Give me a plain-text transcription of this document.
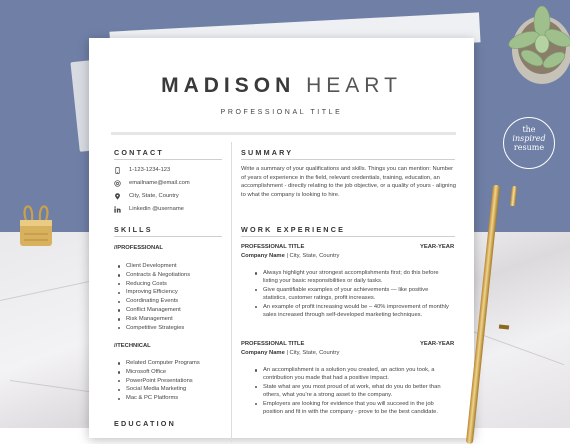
the
inspired
resume
MADISON HEART
PROFESSIONAL TITLE
CONTACT
1-123-1234-123
emailname@email.com
City, State, Country
Linkedin @username
SKILLS
//PROFESSIONAL
Client Development
Contracts & Negotiations
Reducing Costs
Improving Efficiency
Coordinating Events
Conflict Management
Risk Management
Competitive Strategies
//TECHNICAL
Related Computer Programs
Microsoft Office
PowerPoint Presentations
Social Media Marketing
Mac & PC Platforms
EDUCATION
SUMMARY
Write a summary of your qualifications and skills. Things you can mention: Number of years of experience in the field, relevant credentials, training, education, an accomplishment - directly relating to the job objective, or a quality of yours - aligning to what the company is looking to hire.
WORK EXPERIENCE
PROFESSIONAL TITLE	YEAR-YEAR
Company Name | City, State, Country
Always highlight your strongest accomplishments first; do this before listing your basic responsibilities or daily tasks.
Give quantifiable examples of your achievements — like positive statistics, customer ratings, profit increases.
An example of profit increasing would be – 40% improvement of monthly sales increased through self-developed marketing techniques.
PROFESSIONAL TITLE	YEAR-YEAR
Company Name | City, State, Country
An accomplishment is a solution you created, an action you took, a contribution you made that had a positive impact.
State what are you most proud of at work, what do you do better than others, what you're a strong asset to the company.
Employers are looking for evidence that you will succeed in the job position and fit in with the company - prove to be the best candidate.
